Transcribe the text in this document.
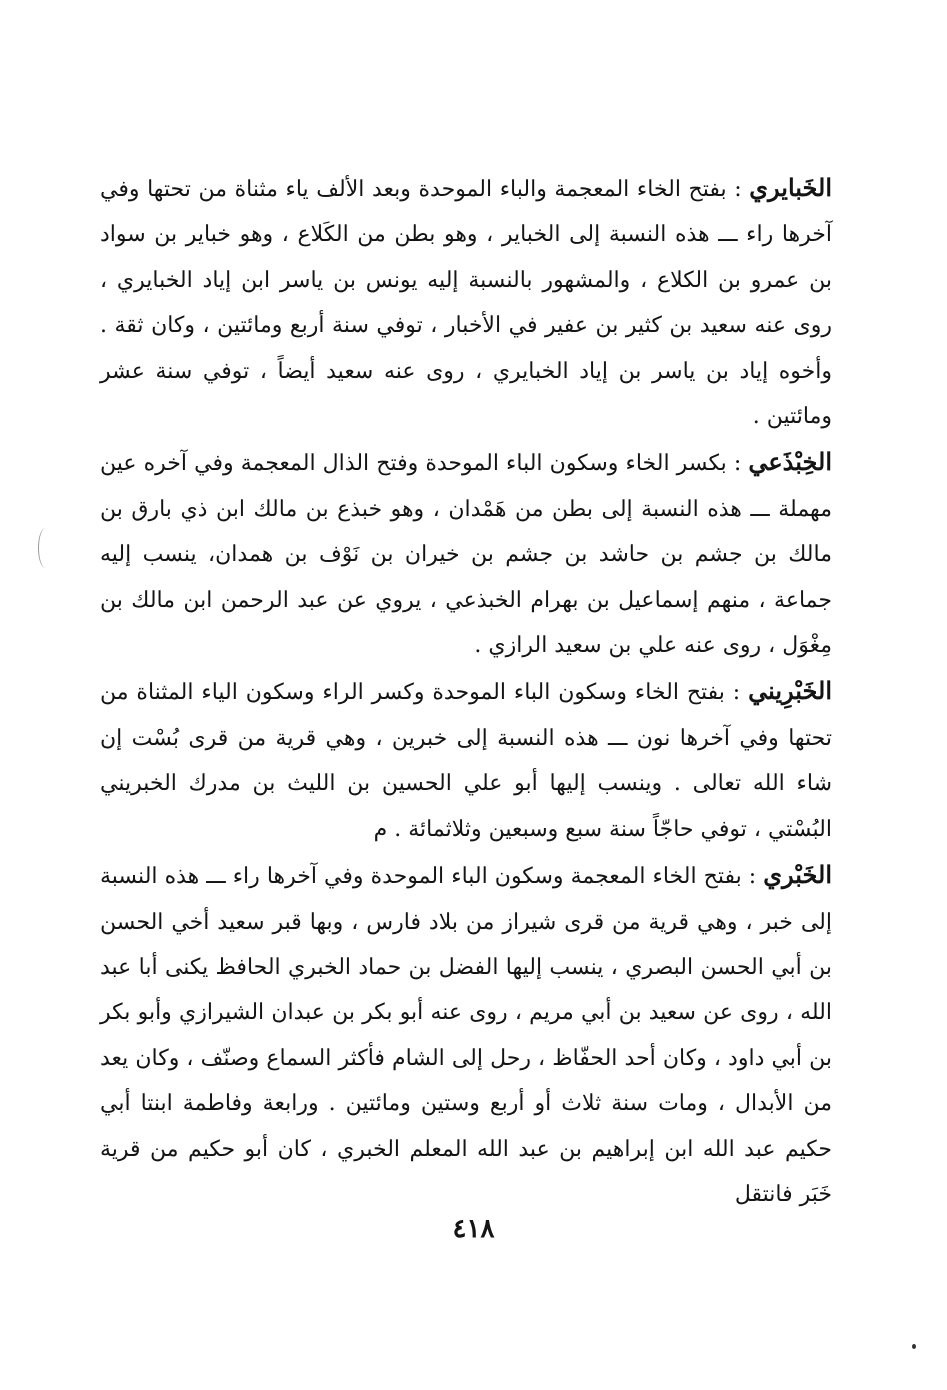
الخَبايري : بفتح الخاء المعجمة والباء الموحدة وبعد الألف ياء مثناة من تحتها وفي آخرها راء ـــ هذه النسبة إلى الخباير ، وهو بطن من الكَلاع ، وهو خباير بن سواد بن عمرو بن الكلاع ، والمشهور بالنسبة إليه يونس بن ياسر ابن إياد الخبايري ، روى عنه سعيد بن كثير بن عفير في الأخبار ، توفي سنة أربع ومائتين ، وكان ثقة . وأخوه إياد بن ياسر بن إياد الخبايري ، روى عنه سعيد أيضاً ، توفي سنة عشر ومائتين .

الخِبْذَعي : بكسر الخاء وسكون الباء الموحدة وفتح الذال المعجمة وفي آخره عين مهملة ـــ هذه النسبة إلى بطن من هَمْدان ، وهو خبذع بن مالك ابن ذي بارق بن مالك بن جشم بن حاشد بن جشم بن خيران بن نَوْف بن همدان، ينسب إليه جماعة ، منهم إسماعيل بن بهرام الخبذعي ، يروي عن عبد الرحمن ابن مالك بن مِغْوَل ، روى عنه علي بن سعيد الرازي .

الخَبْرِيني : بفتح الخاء وسكون الباء الموحدة وكسر الراء وسكون الياء المثناة من تحتها وفي آخرها نون ـــ هذه النسبة إلى خبرين ، وهي قرية من قرى بُسْت إن شاء الله تعالى . وينسب إليها أبو علي الحسين بن الليث بن مدرك الخبريني البُسْتي ، توفي حاجّاً سنة سبع وسبعين وثلاثمائة . م

الخَبْري : بفتح الخاء المعجمة وسكون الباء الموحدة وفي آخرها راء ـــ هذه النسبة إلى خبر ، وهي قرية من قرى شيراز من بلاد فارس ، وبها قبر سعيد أخي الحسن بن أبي الحسن البصري ، ينسب إليها الفضل بن حماد الخبري الحافظ يكنى أبا عبد الله ، روى عن سعيد بن أبي مريم ، روى عنه أبو بكر بن عبدان الشيرازي وأبو بكر بن أبي داود ، وكان أحد الحفّاظ ، رحل إلى الشام فأكثر السماع وصنّف ، وكان يعد من الأبدال ، ومات سنة ثلاث أو أربع وستين ومائتين . ورابعة وفاطمة ابنتا أبي حكيم عبد الله ابن إبراهيم بن عبد الله المعلم الخبري ، كان أبو حكيم من قرية خَبَر فانتقل

٤١٨
